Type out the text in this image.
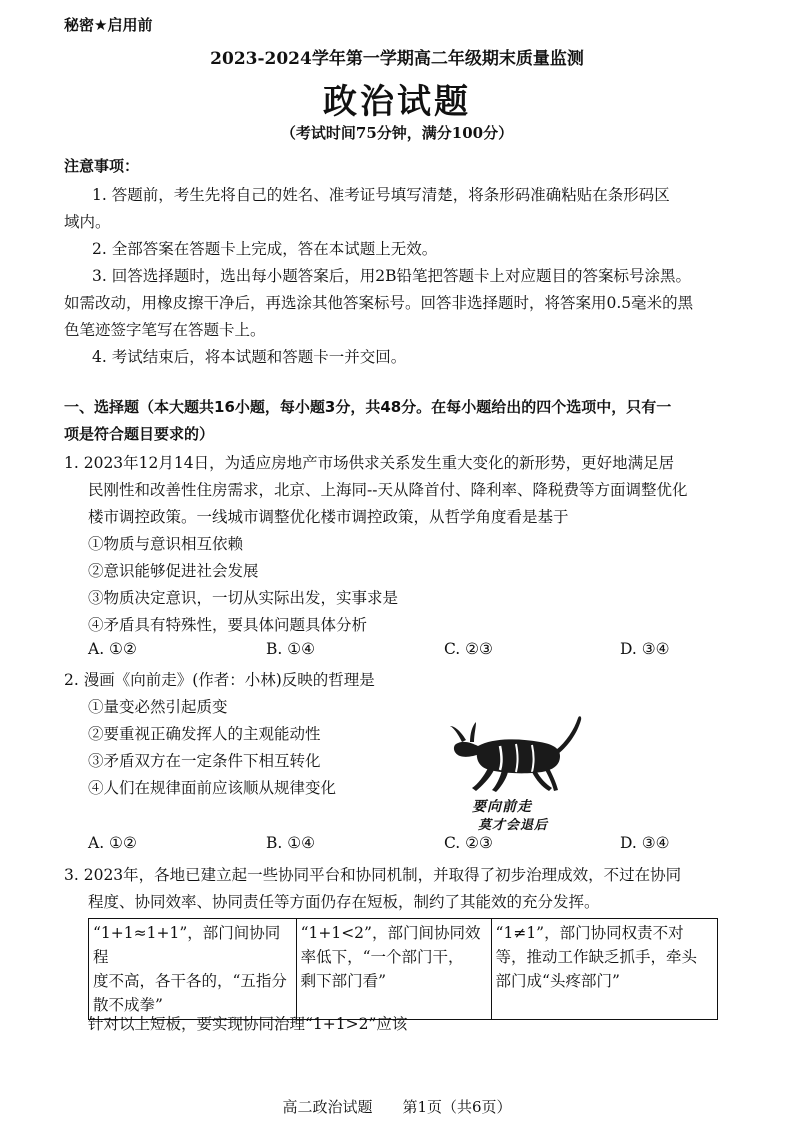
秘密★启用前
2023-2024学年第一学期高二年级期末质量监测
政治试题
（考试时间75分钟，满分100分）
注意事项：
1. 答题前，考生先将自己的姓名、准考证号填写清楚，将条形码准确粘贴在条形码区
域内。
2. 全部答案在答题卡上完成，答在本试题上无效。
3. 回答选择题时，选出每小题答案后，用2B铅笔把答题卡上对应题目的答案标号涂黑。
如需改动，用橡皮擦干净后，再选涂其他答案标号。回答非选择题时，将答案用0.5毫米的黑
色笔迹签字笔写在答题卡上。
4. 考试结束后，将本试题和答题卡一并交回。
一、选择题（本大题共16小题，每小题3分，共48分。在每小题给出的四个选项中，只有一
项是符合题目要求的）
1. 2023年12月14日，为适应房地产市场供求关系发生重大变化的新形势，更好地满足居
民刚性和改善性住房需求，北京、上海同--天从降首付、降利率、降税费等方面调整优化
楼市调控政策。一线城市调整优化楼市调控政策，从哲学角度看是基于
①物质与意识相互依赖
②意识能够促进社会发展
③物质决定意识，一切从实际出发，实事求是
④矛盾具有特殊性，要具体问题具体分析
A. ①②	B. ①④	C. ②③	D. ③④
2. 漫画《向前走》(作者：小林)反映的哲理是
①量变必然引起质变
②要重视正确发挥人的主观能动性
③矛盾双方在一定条件下相互转化
④人们在规律面前应该顺从规律变化
要向前走
莫才会退后
A. ①②	B. ①④	C. ②③	D. ③④
3. 2023年，各地已建立起一些协同平台和协同机制，并取得了初步治理成效，不过在协同
程度、协同效率、协同责任等方面仍存在短板，制约了其能效的充分发挥。
“1+1≈1+1”，部门间协同程
度不高，各干各的，“五指分
散不成拳”

“1+1<2”，部门间协同效
率低下，“一个部门干，
剩下部门看”

“1≠1”，部门协同权责不对
等，推动工作缺乏抓手，牵头
部门成“头疼部门”
针对以上短板，要实现协同治理“1+1>2”应该
高二政治试题　　第1页（共6页）
